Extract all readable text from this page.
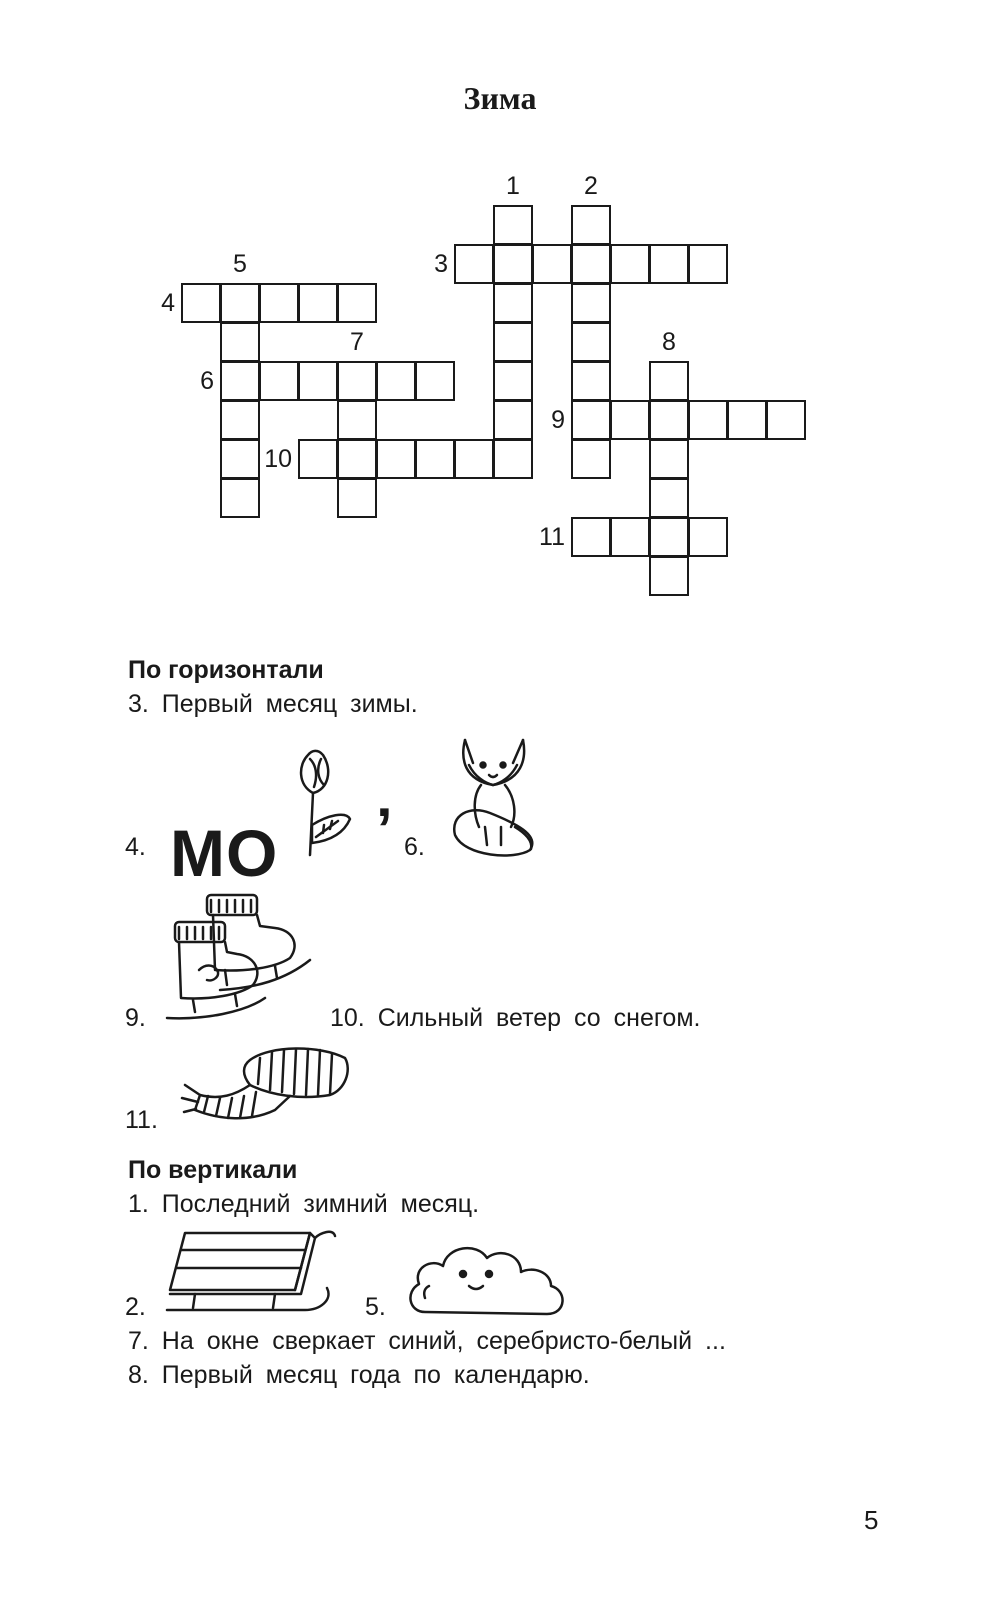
Зима
1	2
3
4
5
6
7	8
9
10
11
По горизонтали
3. Первый месяц зимы.
4. МО ’ 6.
9.	10. Сильный ветер со снегом.
11.
По вертикали
1. Последний зимний месяц.
2.	5.
7. На окне сверкает синий, серебристо-белый ...
8. Первый месяц года по календарю.
5
